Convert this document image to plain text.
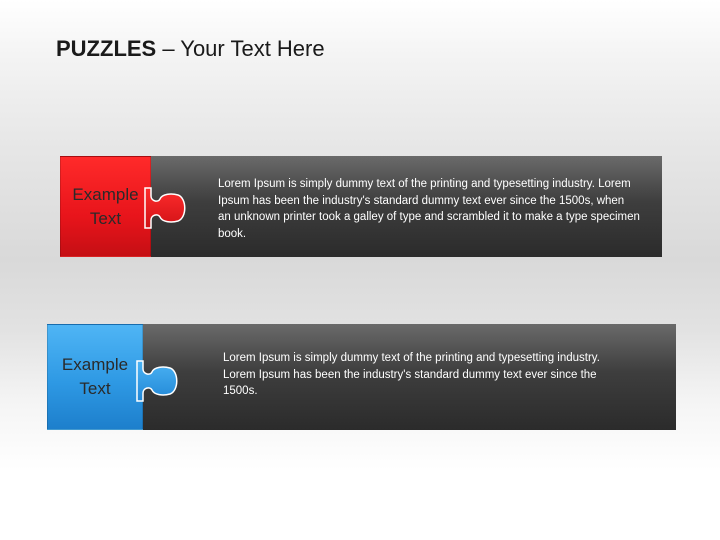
PUZZLES – Your Text Here
Example
Text

Lorem Ipsum is simply dummy text of the printing and typesetting industry. Lorem Ipsum has been the industry's standard dummy text ever since the 1500s, when an unknown printer took a galley of type and scrambled it to make a type specimen book.

Example
Text

Lorem Ipsum is simply dummy text of the printing and typesetting industry. Lorem Ipsum has been the industry's standard dummy text ever since the 1500s.
